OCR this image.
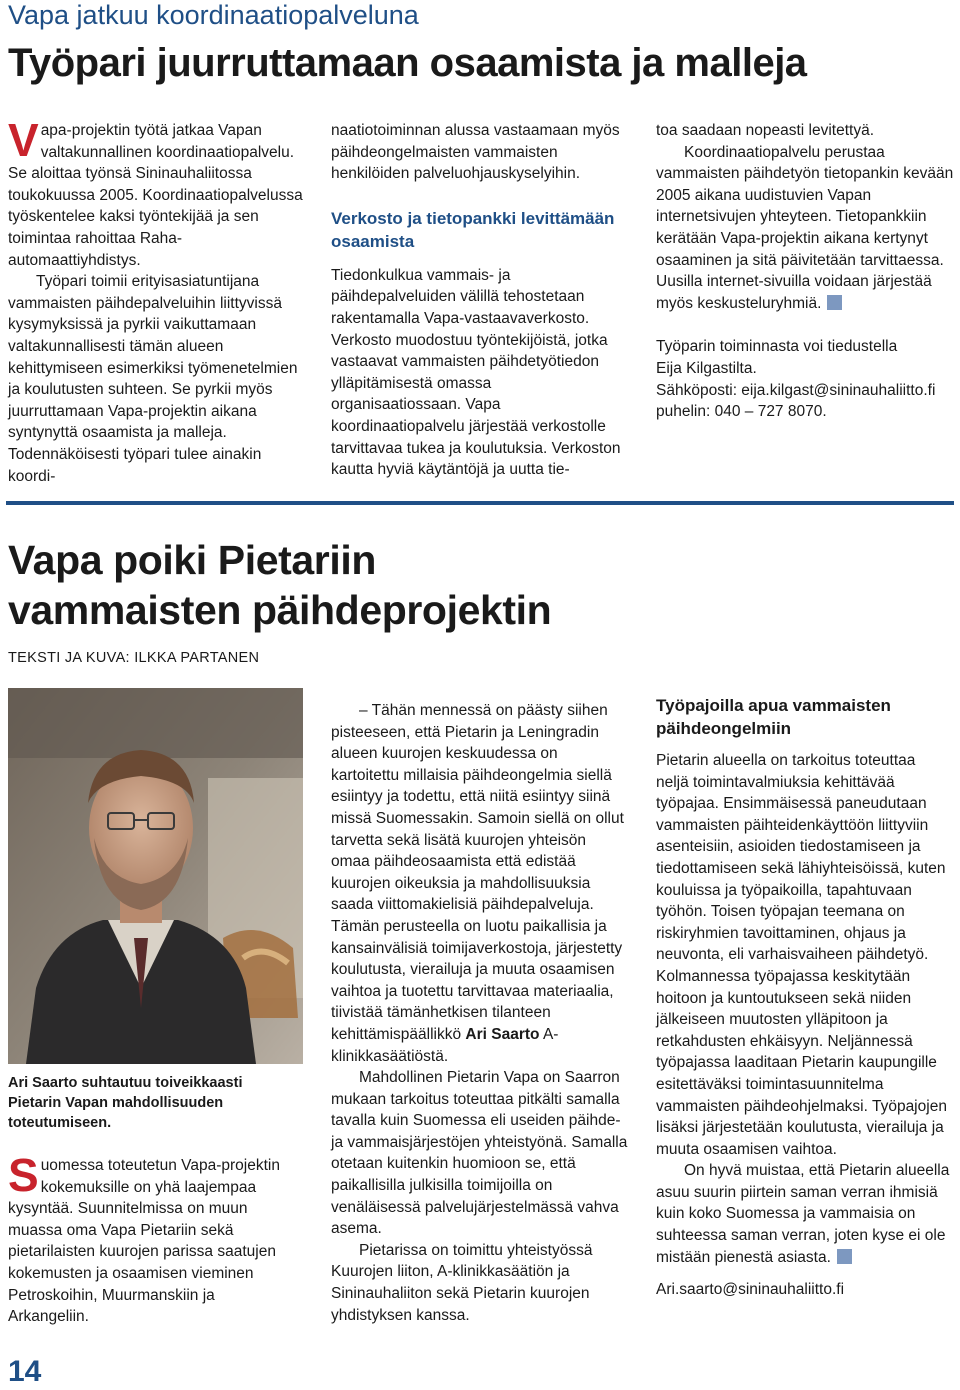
Vapa jatkuu koordinaatiopalveluna
Työpari juurruttamaan osaamista ja malleja

Vapa-projektin työtä jatkaa Vapan valtakunnallinen koordinaatiopalvelu. Se aloittaa työnsä Sininauhaliitossa toukokuussa 2005. Koordinaatiopalvelussa työskentelee kaksi työntekijää ja sen toimintaa rahoittaa Raha-automaattiyhdistys.

Työpari toimii erityisasiatuntijana vammaisten päihdepalveluihin liittyvissä kysymyksissä ja pyrkii vaikuttamaan valtakunnallisesti tämän alueen kehittymiseen esimerkiksi työmenetelmien ja koulutusten suhteen. Se pyrkii myös juurruttamaan Vapa-projektin aikana syntynyttä osaamista ja malleja. Todennäköisesti työpari tulee ainakin koordi-

naatiotoiminnan alussa vastaamaan myös päihdeongelmaisten vammaisten henkilöiden palveluohjauskyselyihin.

Verkosto ja tietopankki levittämään osaamista

Tiedonkulkua vammais- ja päihdepalveluiden välillä tehostetaan rakentamalla Vapa-vastaavaverkosto. Verkosto muodostuu työntekijöistä, jotka vastaavat vammaisten päihdetyötiedon ylläpitämisestä omassa organisaatiossaan. Vapa koordinaatiopalvelu järjestää verkostolle tarvittavaa tukea ja koulutuksia. Verkoston kautta hyviä käytäntöjä ja uutta tie-

toa saadaan nopeasti levitettyä.

Koordinaatiopalvelu perustaa vammaisten päihdetyön tietopankin kevään 2005 aikana uudistuvien Vapan internetsivujen yhteyteen. Tietopankkiin kerätään Vapa-projektin aikana kertynyt osaaminen ja sitä päivitetään tarvittaessa. Uusilla internet-sivuilla voidaan järjestää myös keskusteluryhmiä.

Työparin toiminnasta voi tiedustella

Eija Kilgastilta.

Sähköposti: eija.kilgast@sininauhaliitto.fi

puhelin: 040 – 727 8070.

Vapa poiki Pietariin
vammaisten päihdeprojektin
TEKSTI JA KUVA: ILKKA PARTANEN
Ari Saarto suhtautuu toiveikkaasti Pietarin Vapan mahdollisuuden toteutumiseen.

Suomessa toteutetun Vapa-projektin kokemuksille on yhä laajempaa kysyntää. Suunnitelmissa on muun muassa oma Vapa Pietariin sekä pietarilaisten kuurojen parissa saatujen kokemusten ja osaamisen vieminen Petroskoihin, Muurmanskiin ja Arkangeliin.

– Tähän mennessä on päästy siihen pisteeseen, että Pietarin ja Leningradin alueen kuurojen keskuudessa on kartoitettu millaisia päihdeongelmia siellä esiintyy ja todettu, että niitä esiintyy siinä missä Suomessakin. Samoin siellä on ollut tarvetta sekä lisätä kuurojen yhteisön omaa päihdeosaamista että edistää kuurojen oikeuksia ja mahdollisuuksia saada viittomakielisiä päihdepalveluja. Tämän perusteella on luotu paikallisia ja kansainvälisiä toimijaverkostoja, järjestetty koulutusta, vierailuja ja muuta osaamisen vaihtoa ja tuotettu tarvittavaa materiaalia, tiivistää tämänhetkisen tilanteen kehittämispäällikkö Ari Saarto A-klinikkasäätiöstä.

Mahdollinen Pietarin Vapa on Saarron mukaan tarkoitus toteuttaa pitkälti samalla tavalla kuin Suomessa eli useiden päihde- ja vammaisjärjestöjen yhteistyönä. Samalla otetaan kuitenkin huomioon se, että paikallisilla julkisilla toimijoilla on venäläisessä palvelujärjestelmässä vahva asema.

Pietarissa on toimittu yhteistyössä Kuurojen liiton, A-klinikkasäätiön ja Sininauhaliiton sekä Pietarin kuurojen yhdistyksen kanssa.

Työpajoilla apua vammaisten päihdeongelmiin

Pietarin alueella on tarkoitus toteuttaa neljä toimintavalmiuksia kehittävää työpajaa. Ensimmäisessä paneudutaan vammaisten päihteidenkäyttöön liittyviin asenteisiin, asioiden tiedostamiseen ja tiedottamiseen sekä lähiyhteisöissä, kuten kouluissa ja työpaikoilla, tapahtuvaan työhön. Toisen työpajan teemana on riskiryhmien tavoittaminen, ohjaus ja neuvonta, eli varhaisvaiheen päihdetyö. Kolmannessa työpajassa keskitytään hoitoon ja kuntoutukseen sekä niiden jälkeiseen muutosten ylläpitoon ja retkahdusten ehkäisyyn. Neljännessä työpajassa laaditaan Pietarin kaupungille esitettäväksi toimintasuunnitelma vammaisten päihdeohjelmaksi. Työpajojen lisäksi järjestetään koulutusta, vierailuja ja muuta osaamisen vaihtoa.

On hyvä muistaa, että Pietarin alueella asuu suurin piirtein saman verran ihmisiä kuin koko Suomessa ja vammaisia on suhteessa saman verran, joten kyse ei ole mistään pienestä asiasta.

Ari.saarto@sininauhaliitto.fi

14
